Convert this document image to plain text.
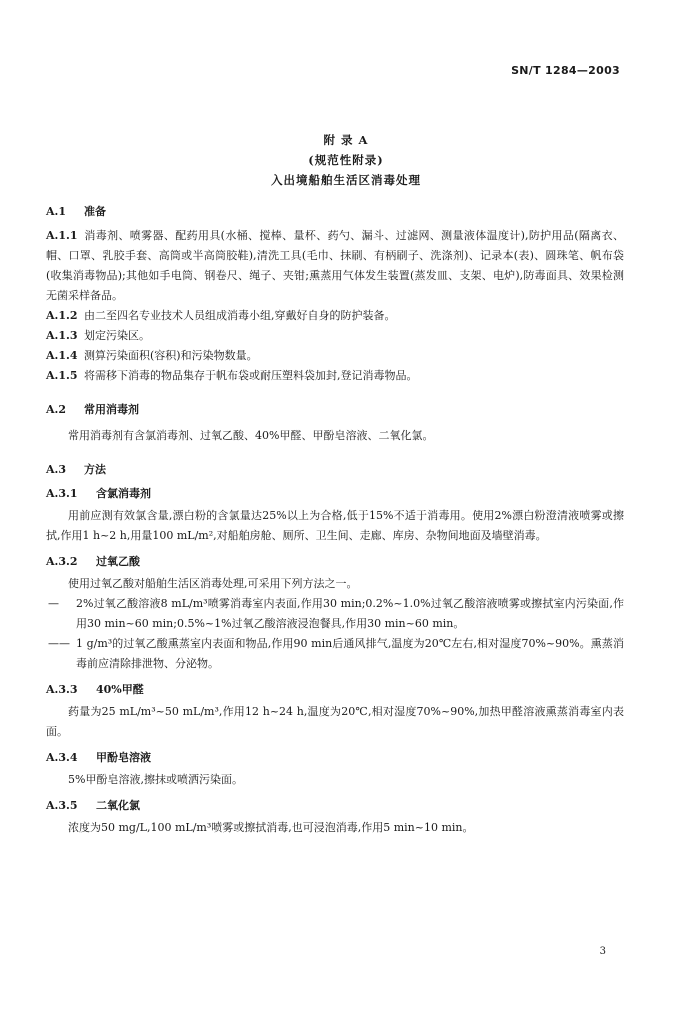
SN/T 1284—2003
附 录 A
(规范性附录)
入出境船舶生活区消毒处理
A.1 准备
A.1.1 消毒剂、喷雾器、配药用具(水桶、搅棒、量杯、药勺、漏斗、过滤网、测量液体温度计),防护用品(隔离衣、帽、口罩、乳胶手套、高筒或半高筒胶鞋),清洗工具(毛巾、抹刷、有柄刷子、洗涤剂)、记录本(表)、圆珠笔、帆布袋(收集消毒物品);其他如手电筒、钢卷尺、绳子、夹钳;熏蒸用气体发生装置(蒸发皿、支架、电炉),防毒面具、效果检测无菌采样备品。
A.1.2 由二至四名专业技术人员组成消毒小组,穿戴好自身的防护装备。
A.1.3 划定污染区。
A.1.4 测算污染面积(容积)和污染物数量。
A.1.5 将需移下消毒的物品集存于帆布袋或耐压塑料袋加封,登记消毒物品。
A.2 常用消毒剂
常用消毒剂有含氯消毒剂、过氧乙酸、40%甲醛、甲酚皂溶液、二氧化氯。
A.3 方法
A.3.1 含氯消毒剂
用前应测有效氯含量,漂白粉的含氯量达25%以上为合格,低于15%不适于消毒用。使用2%漂白粉澄清液喷雾或擦拭,作用1 h~2 h,用量100 mL/m²,对船舶房舱、厕所、卫生间、走廊、库房、杂物间地面及墙壁消毒。
A.3.2 过氧乙酸
使用过氧乙酸对船舶生活区消毒处理,可采用下列方法之一。
—	2%过氧乙酸溶液8 mL/m³喷雾消毒室内表面,作用30 min;0.2%~1.0%过氧乙酸溶液喷雾或擦拭室内污染面,作用30 min~60 min;0.5%~1%过氧乙酸溶液浸泡餐具,作用30 min~60 min。
—— 1 g/m³的过氧乙酸熏蒸室内表面和物品,作用90 min后通风排气,温度为20℃左右,相对湿度70%~90%。熏蒸消毒前应清除排泄物、分泌物。
A.3.3 40%甲醛
药量为25 mL/m³~50 mL/m³,作用12 h~24 h,温度为20℃,相对湿度70%~90%,加热甲醛溶液熏蒸消毒室内表面。
A.3.4 甲酚皂溶液
5%甲酚皂溶液,擦抹或喷洒污染面。
A.3.5 二氧化氯
浓度为50 mg/L,100 mL/m³喷雾或擦拭消毒,也可浸泡消毒,作用5 min~10 min。
3
